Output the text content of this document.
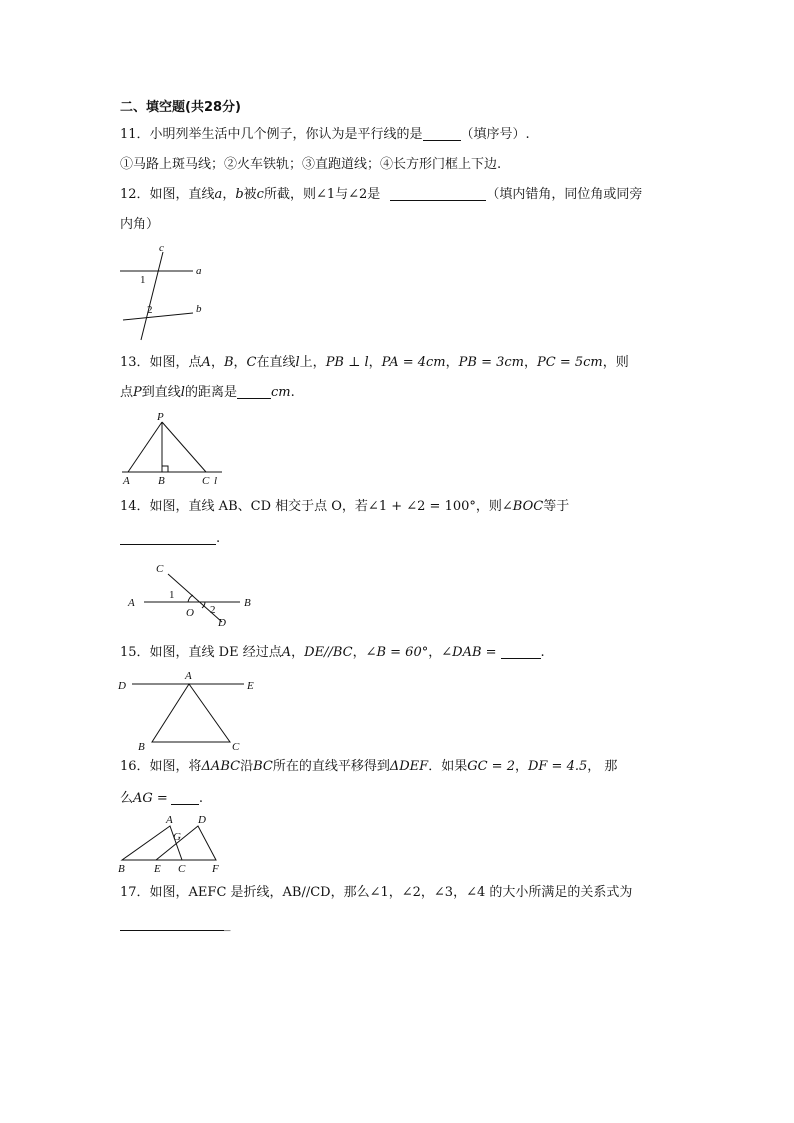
二、填空题(共28分)
11．小明列举生活中几个例子，你认为是平行线的是	（填序号）.
①马路上斑马线；②火车铁轨；③直跑道线；④长方形门框上下边.
12．如图，直线a，b被c所截，则∠1与∠2是	（填内错角，同位角或同旁
内角）
c
a
b
1
2
13．如图，点A，B，C在直线l上，PB ⊥ l，PA = 4cm，PB = 3cm，PC = 5cm，则
点P到直线l的距离是	cm.
P
A	B	C l
14．如图，直线 AB、CD 相交于点 O，若∠1 + ∠2 = 100°，则∠BOC等于
.
C
A	B
O
D
1
2
15．如图，直线 DE 经过点A，DE//BC，∠B = 60°，∠DAB =	.
D
A
E
B	C
16．如图，将ΔABC沿BC所在的直线平移得到ΔDEF．如果GC = 2，DF = 4.5， 那
么AG = .
A D
G
B	E C F
17．如图，AEFC 是折线，AB//CD，那么∠1，∠2，∠3，∠4 的大小所满足的关系式为
_
